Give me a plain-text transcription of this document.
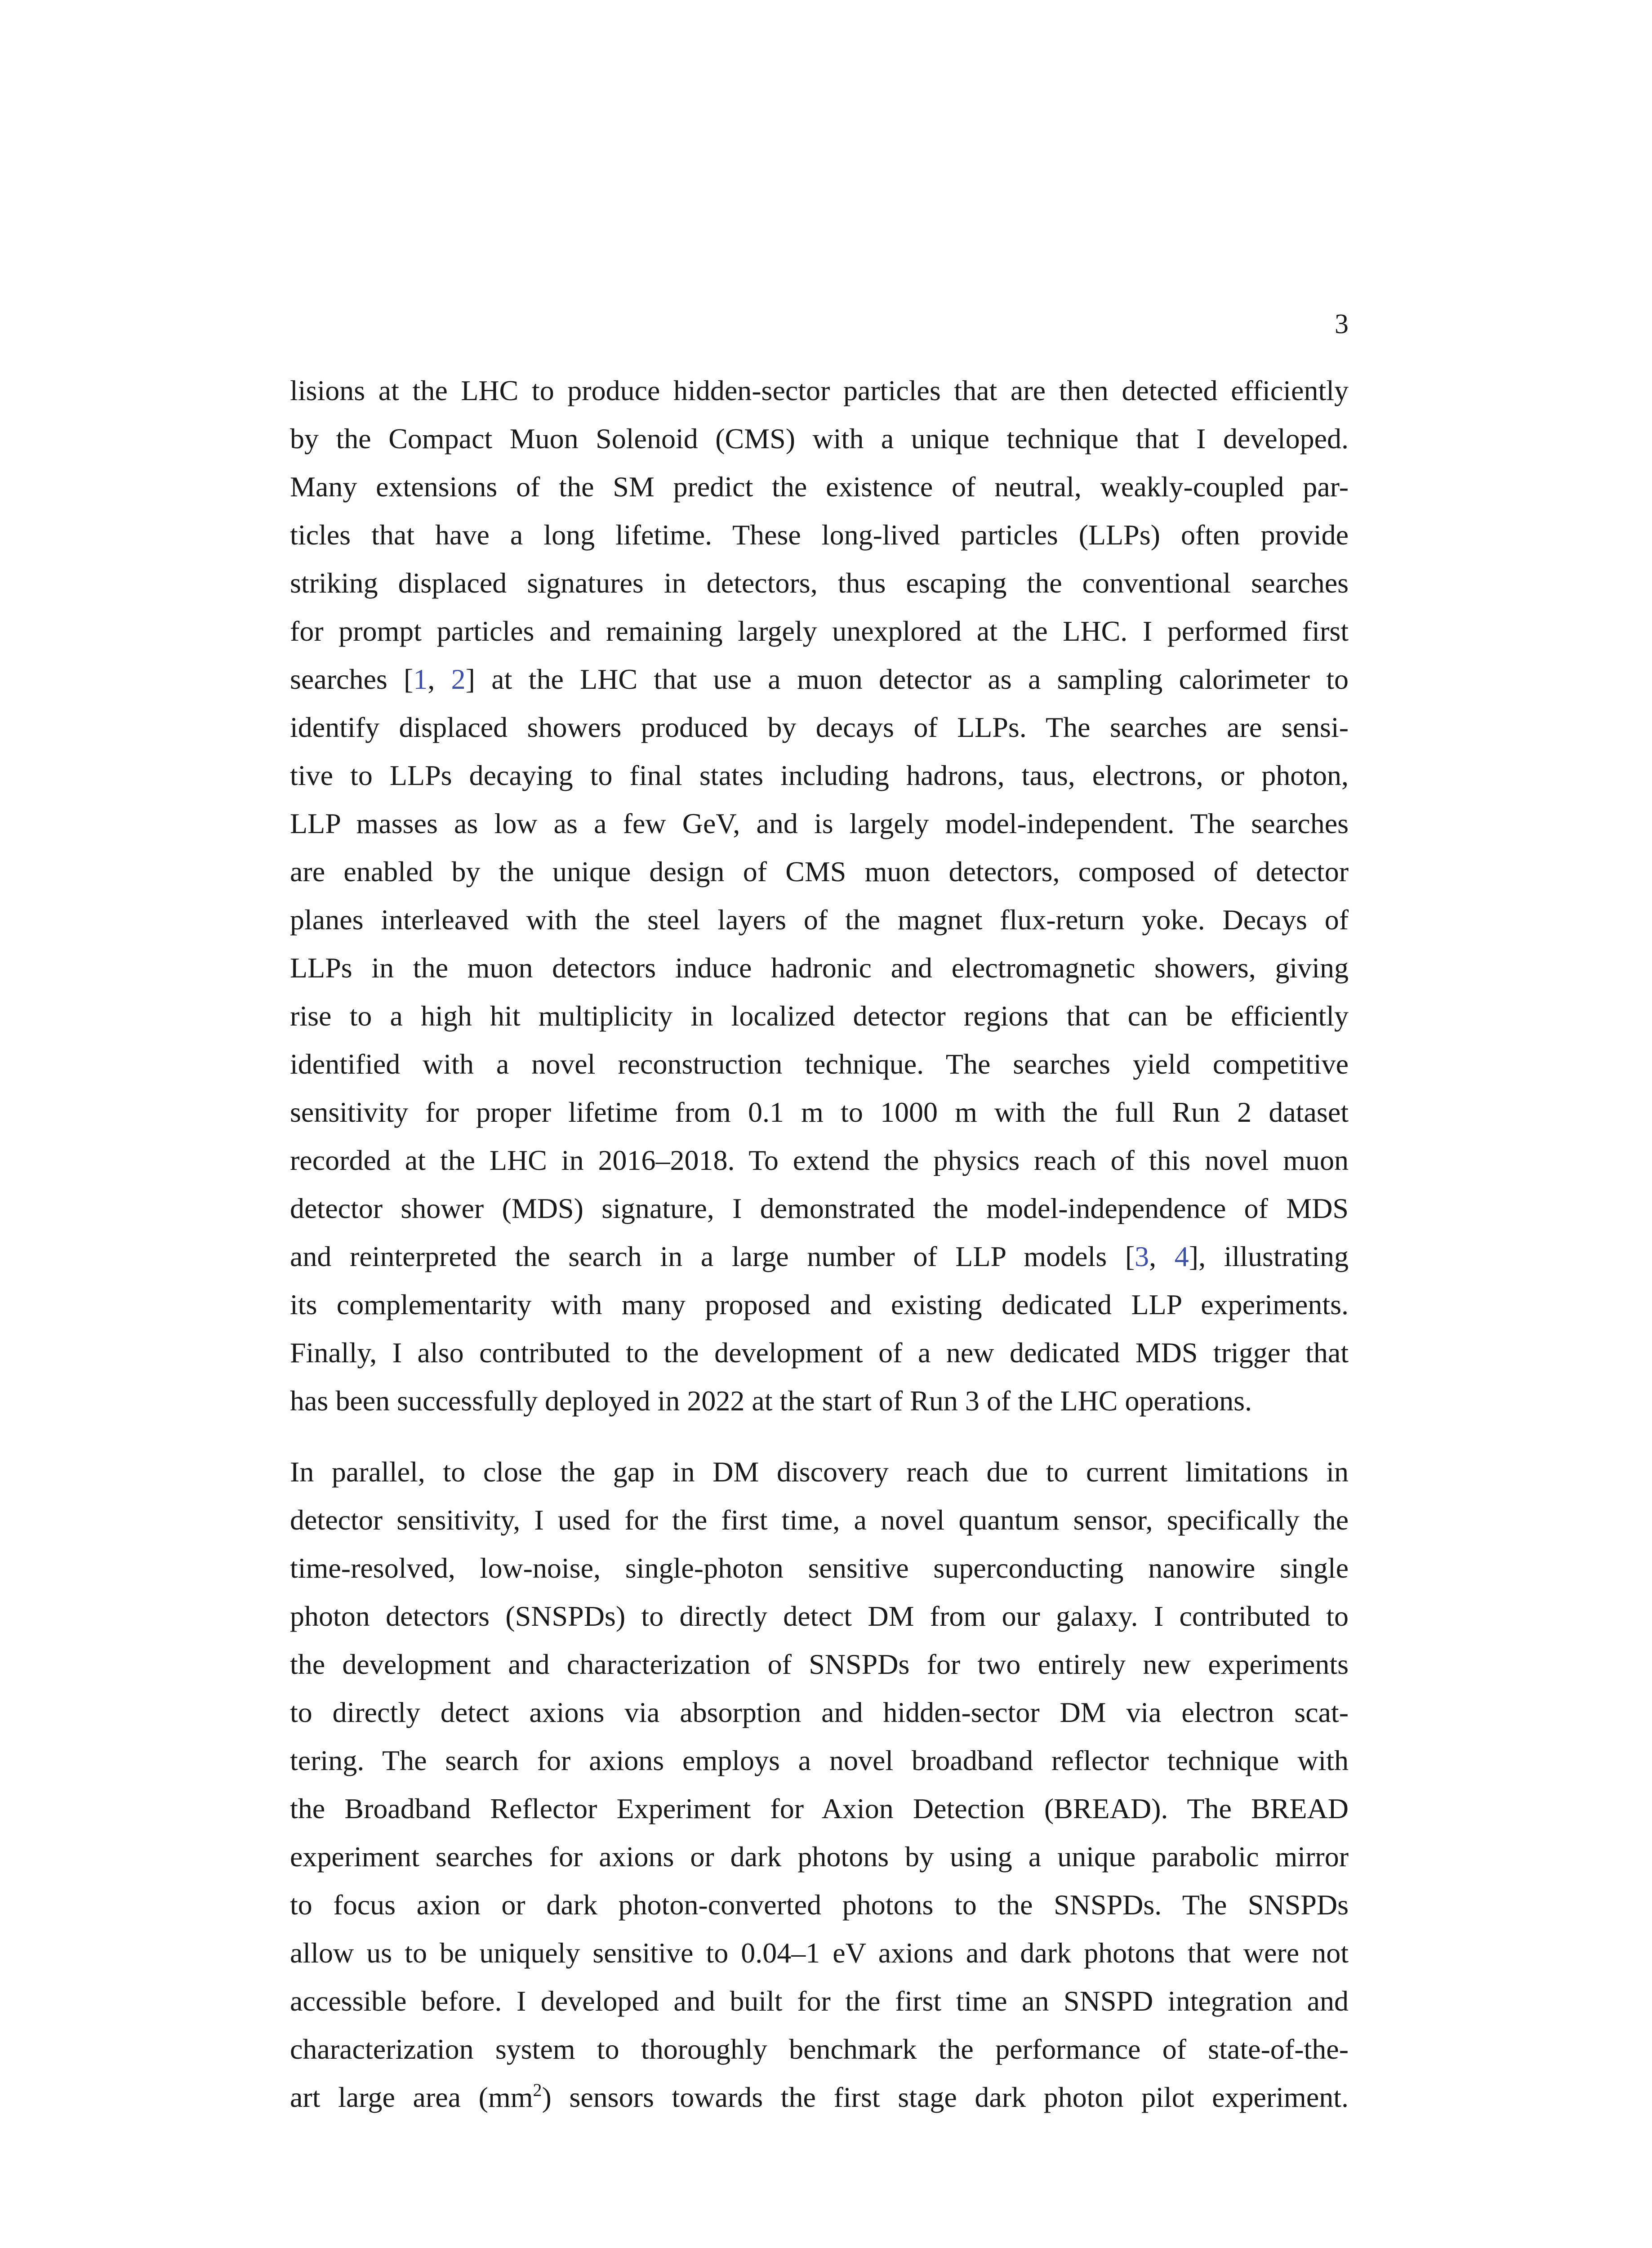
3
lisions at the LHC to produce hidden-sector particles that are then detected efficiently
by the Compact Muon Solenoid (CMS) with a unique technique that I developed.
Many extensions of the SM predict the existence of neutral, weakly-coupled par-
ticles that have a long lifetime. These long-lived particles (LLPs) often provide
striking displaced signatures in detectors, thus escaping the conventional searches
for prompt particles and remaining largely unexplored at the LHC. I performed first
searches [1, 2] at the LHC that use a muon detector as a sampling calorimeter to
identify displaced showers produced by decays of LLPs. The searches are sensi-
tive to LLPs decaying to final states including hadrons, taus, electrons, or photon,
LLP masses as low as a few GeV, and is largely model-independent. The searches
are enabled by the unique design of CMS muon detectors, composed of detector
planes interleaved with the steel layers of the magnet flux-return yoke. Decays of
LLPs in the muon detectors induce hadronic and electromagnetic showers, giving
rise to a high hit multiplicity in localized detector regions that can be efficiently
identified with a novel reconstruction technique. The searches yield competitive
sensitivity for proper lifetime from 0.1 m to 1000 m with the full Run 2 dataset
recorded at the LHC in 2016–2018. To extend the physics reach of this novel muon
detector shower (MDS) signature, I demonstrated the model-independence of MDS
and reinterpreted the search in a large number of LLP models [3, 4], illustrating
its complementarity with many proposed and existing dedicated LLP experiments.
Finally, I also contributed to the development of a new dedicated MDS trigger that
has been successfully deployed in 2022 at the start of Run 3 of the LHC operations.
In parallel, to close the gap in DM discovery reach due to current limitations in
detector sensitivity, I used for the first time, a novel quantum sensor, specifically the
time-resolved, low-noise, single-photon sensitive superconducting nanowire single
photon detectors (SNSPDs) to directly detect DM from our galaxy. I contributed to
the development and characterization of SNSPDs for two entirely new experiments
to directly detect axions via absorption and hidden-sector DM via electron scat-
tering. The search for axions employs a novel broadband reflector technique with
the Broadband Reflector Experiment for Axion Detection (BREAD). The BREAD
experiment searches for axions or dark photons by using a unique parabolic mirror
to focus axion or dark photon-converted photons to the SNSPDs. The SNSPDs
allow us to be uniquely sensitive to 0.04–1 eV axions and dark photons that were not
accessible before. I developed and built for the first time an SNSPD integration and
characterization system to thoroughly benchmark the performance of state-of-the-
art large area $(mm^2)$ sensors towards the first stage dark photon pilot experiment.
